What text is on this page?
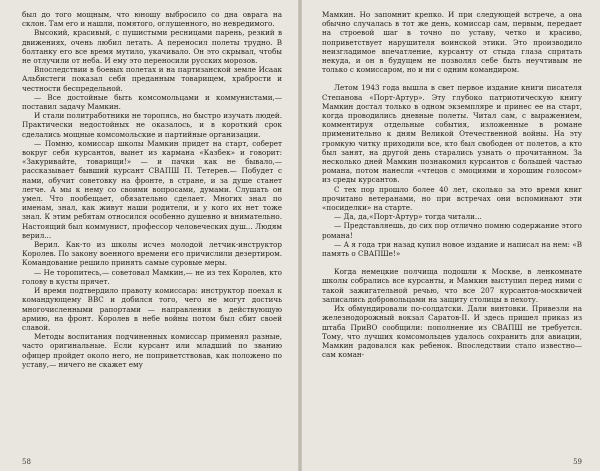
был до того мощным, что юношу выбросило со дна оврага на склон. Там его и нашли, помятого, оглушенного, но невредимого.

Высокий, красивый, с пушистыми ресницами парень, резкий в движениях, очень любил летать. А переносил полеты трудно. В болтанку его все время мутило, укачивало. Он это скрывал, чтобы не отлучили от неба. И ему это переносили русских морозов.

Впоследствии в боевых полетах и на партизанской земле Исаак Альбистеги показал себя преданным товарищем, храбрости и честности беспредельной.

— Все достойные быть комсомольцами и коммунистами,— поставил задачу Мамкин.

И стали политработники не торопясь, но быстро изучать людей. Практически недостойных не оказалось, и в короткий срок сделались мощные комсомольские и партийные организации.

— Помню, комиссар школы Мамкин придет на старт, соберет вокруг себя курсантов, вынет из кармана «Казбек» и говорит: «Закуривайте, товарищи!» — и пачки как не бывало,— рассказывает бывший курсант СВАПШ П. Тетерев.— Побудет с нами, обучит советовку на фронте, в стране, и за душе станет легче. А мы к нему со своими вопросами, думами. Слушать он умел. Что пообещает, обязательно сделает. Многих знал по именам, знал, как живут наши родители, и у кого их нет тоже знал. К этим ребятам относился особенно душевно и внимательно. Настоящий был коммунист, профессор человеческих душ... Людям верил...

Верил. Как-то из школы исчез молодой летчик-инструктор Королев. По закону военного времени его причислили дезертиром. Командование решило принять самые суровые меры.

— Не торопитесь,— советовал Мамкин,— не из тех Королев, кто голову в кусты прячет.

И время подтвердило правоту комиссара: инструктор поехал к командующему ВВС и добился того, чего не могут достичь многочисленными рапортами — направления в действующую армию, на фронт. Королев в небе войны потом был сбит своей славой.

Методы воспитания подчиненных комиссар применял разные, часто оригинальные. Если курсант или младший по званию офицер пройдет около него, не поприветствовав, как положено по уставу,— ничего не скажет ему

58

Мамкин. Но запомнит крепко. И при следующей встрече, а она обычно случалась в тот же день, комиссар сам, первым, передает на строевой шаг в точно по уставу, четко и красиво, поприветствует нарушителя воинской этики. Это производило неизгладимое впечатление, курсанту от стыда глаза спрятать некуда, и он в будущем не позволял себе быть неучтивым не только с комиссаром, но и ни с одним командиром.

Летом 1943 года вышла в свет первое издание книги писателя Степанова «Порт-Артур». Эту глубоко патриотическую книгу Мамкин достал только в одном экземпляре и принес ее на старт, когда проводились дневные полеты. Читал сам, с выражением, комментируя отдельные события, изложенные в романе применительно к дням Великой Отечественной войны. На эту громкую читку приходили все, кто был свободен от полетов, а кто был занят, на другой день старались узнать о прочитанном. За несколько дней Мамкин познакомил курсантов с большей частью романа, потом нанесли «чтецов с эмоциями и хорошим голосом» из среды курсантов.

С тех пор прошло более 40 лет, сколько за это время книг прочитано ветеранами, но при встречах они вспоминают эти «посиделки» на старте.

— Да, да,«Порт-Артур» тогда читали...

— Представляешь, до сих пор отлично помню содержание этого романа!

— А я года три назад купил новое издание и написал на нем: «В память о СВАПШе!»

Когда немецкие полчища подошли к Москве, в ленкомнате школы собрались все курсанты, и Мамкин выступил перед ними с такой зажигательной речью, что все 207 курсантов-москвичей записались добровольцами на защиту столицы в пехоту.

Их обмундировали по-солдатски. Дали винтовки. Привезли на железнодорожный вокзал Саратов-II. И здесь пришел приказ из штаба ПриВО сообщили: пополнение из СВАПШ не требуется. Тому, что лучших комсомольцев удалось сохранить для авиации, Мамкин радовался как ребенок. Впоследствии стало известно— сам коман-

59
